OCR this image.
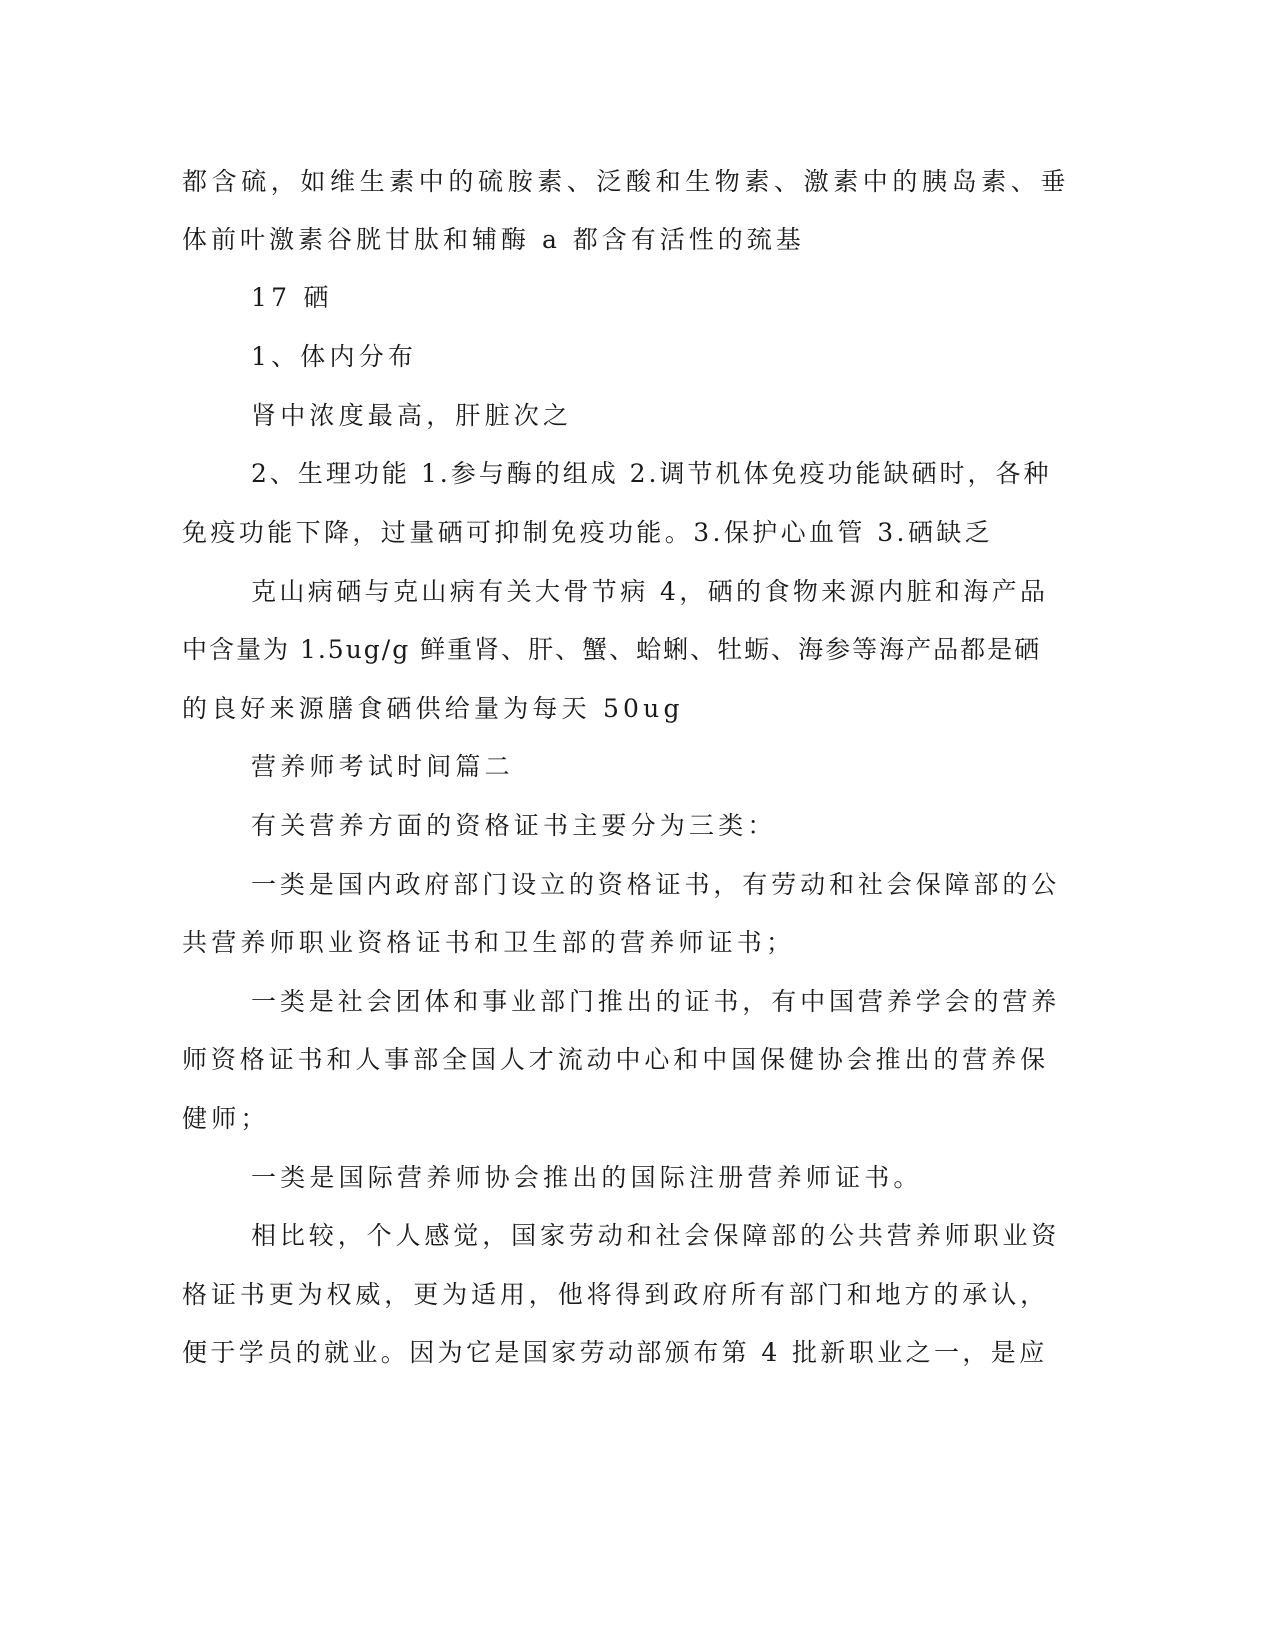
都含硫，如维生素中的硫胺素、泛酸和生物素、激素中的胰岛素、垂
体前叶激素谷胱甘肽和辅酶 a 都含有活性的巯基
17 硒
1、体内分布
肾中浓度最高，肝脏次之
2、生理功能 1.参与酶的组成 2.调节机体免疫功能缺硒时，各种
免疫功能下降，过量硒可抑制免疫功能。3.保护心血管 3.硒缺乏
克山病硒与克山病有关大骨节病 4，硒的食物来源内脏和海产品
中含量为 1.5ug/g 鲜重肾、肝、蟹、蛤蜊、牡蛎、海参等海产品都是硒
的良好来源膳食硒供给量为每天 50ug
营养师考试时间篇二
有关营养方面的资格证书主要分为三类：
一类是国内政府部门设立的资格证书，有劳动和社会保障部的公
共营养师职业资格证书和卫生部的营养师证书；
一类是社会团体和事业部门推出的证书，有中国营养学会的营养
师资格证书和人事部全国人才流动中心和中国保健协会推出的营养保
健师；
一类是国际营养师协会推出的国际注册营养师证书。
相比较，个人感觉，国家劳动和社会保障部的公共营养师职业资
格证书更为权威，更为适用，他将得到政府所有部门和地方的承认，
便于学员的就业。因为它是国家劳动部颁布第 4 批新职业之一，是应
